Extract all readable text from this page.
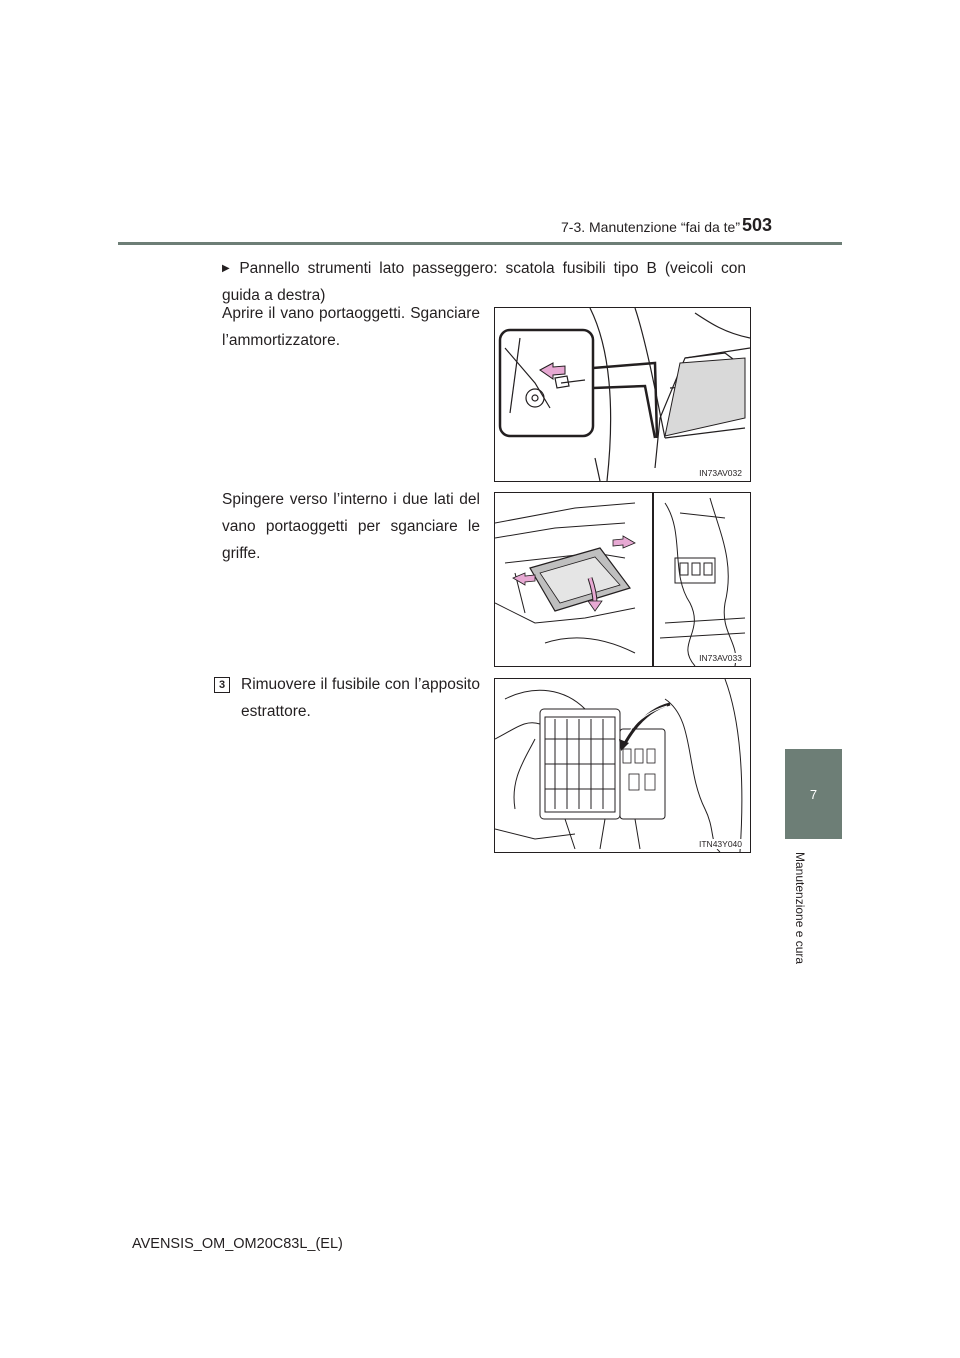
7-3. Manutenzione “fai da te” 503
7
Manutenzione e cura
▶ Pannello strumenti lato passeggero: scatola fusibili tipo B (veicoli con guida a destra)
Aprire il vano portaoggetti. Sganciare l’ammortizzatore.
Spingere verso l’interno i due lati del vano portaoggetti per sganciare le griffe.
3	Rimuovere il fusibile con l’apposito estrattore.
IN73AV032
IN73AV033
ITN43Y040
AVENSIS_OM_OM20C83L_(EL)
